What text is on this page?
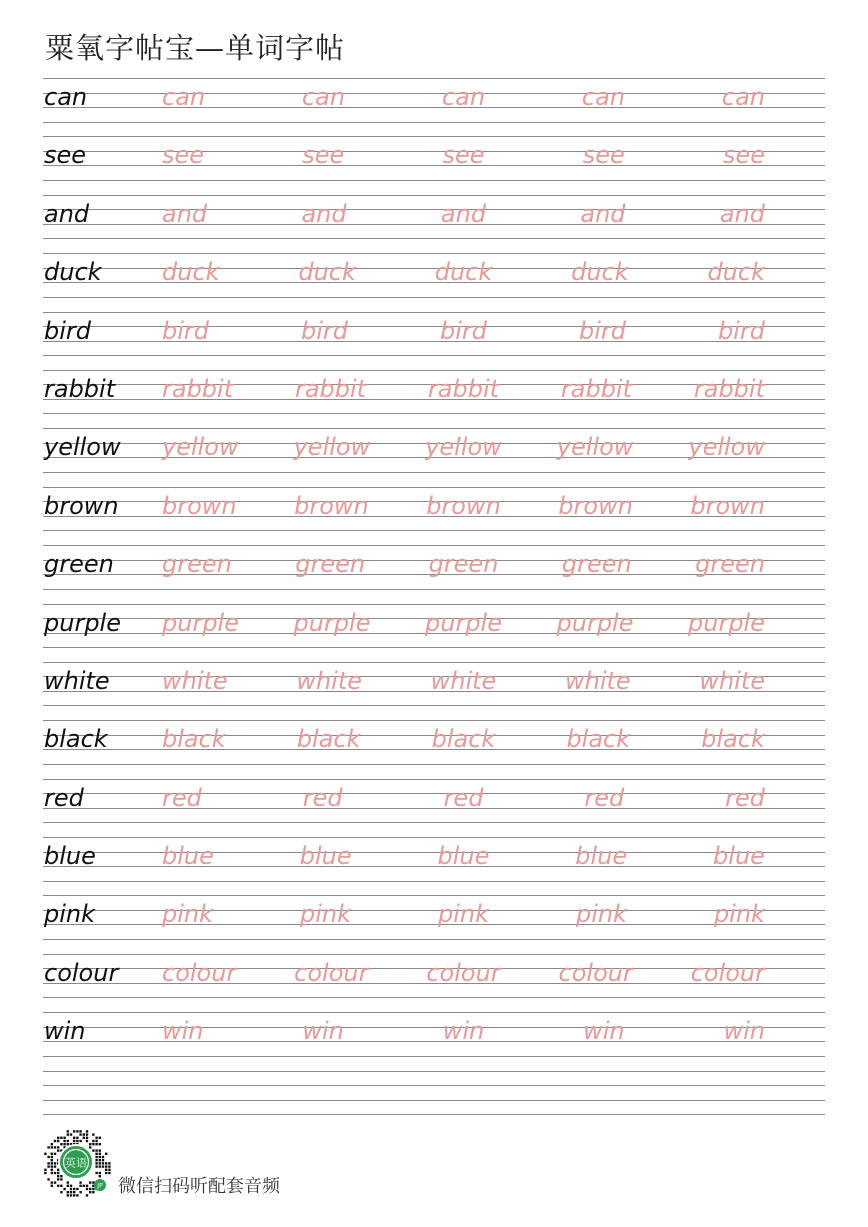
粟氧字帖宝—单词字帖
can	can	can	can	can	can
see	see	see	see	see	see
and	and	and	and	and	and
duck	duck	duck	duck	duck	duck
bird	bird	bird	bird	bird	bird
rabbit rabbit	rabbit	rabbit	rabbit	rabbit
yellow yellow yellow yellow yellow yellow
brown brown brown brown brown brown
green green	green	green	green	green
purple purple purple purple purple purple
white white	white	white	white	white
black black	black	black	black	black
red	red	red	red	red	red
blue	blue	blue	blue	blue	blue
pink	pink	pink	pink	pink	pink
colour colour colour colour colour colour
win	win	win	win	win	win
英语
JP 微信扫码听配套音频
